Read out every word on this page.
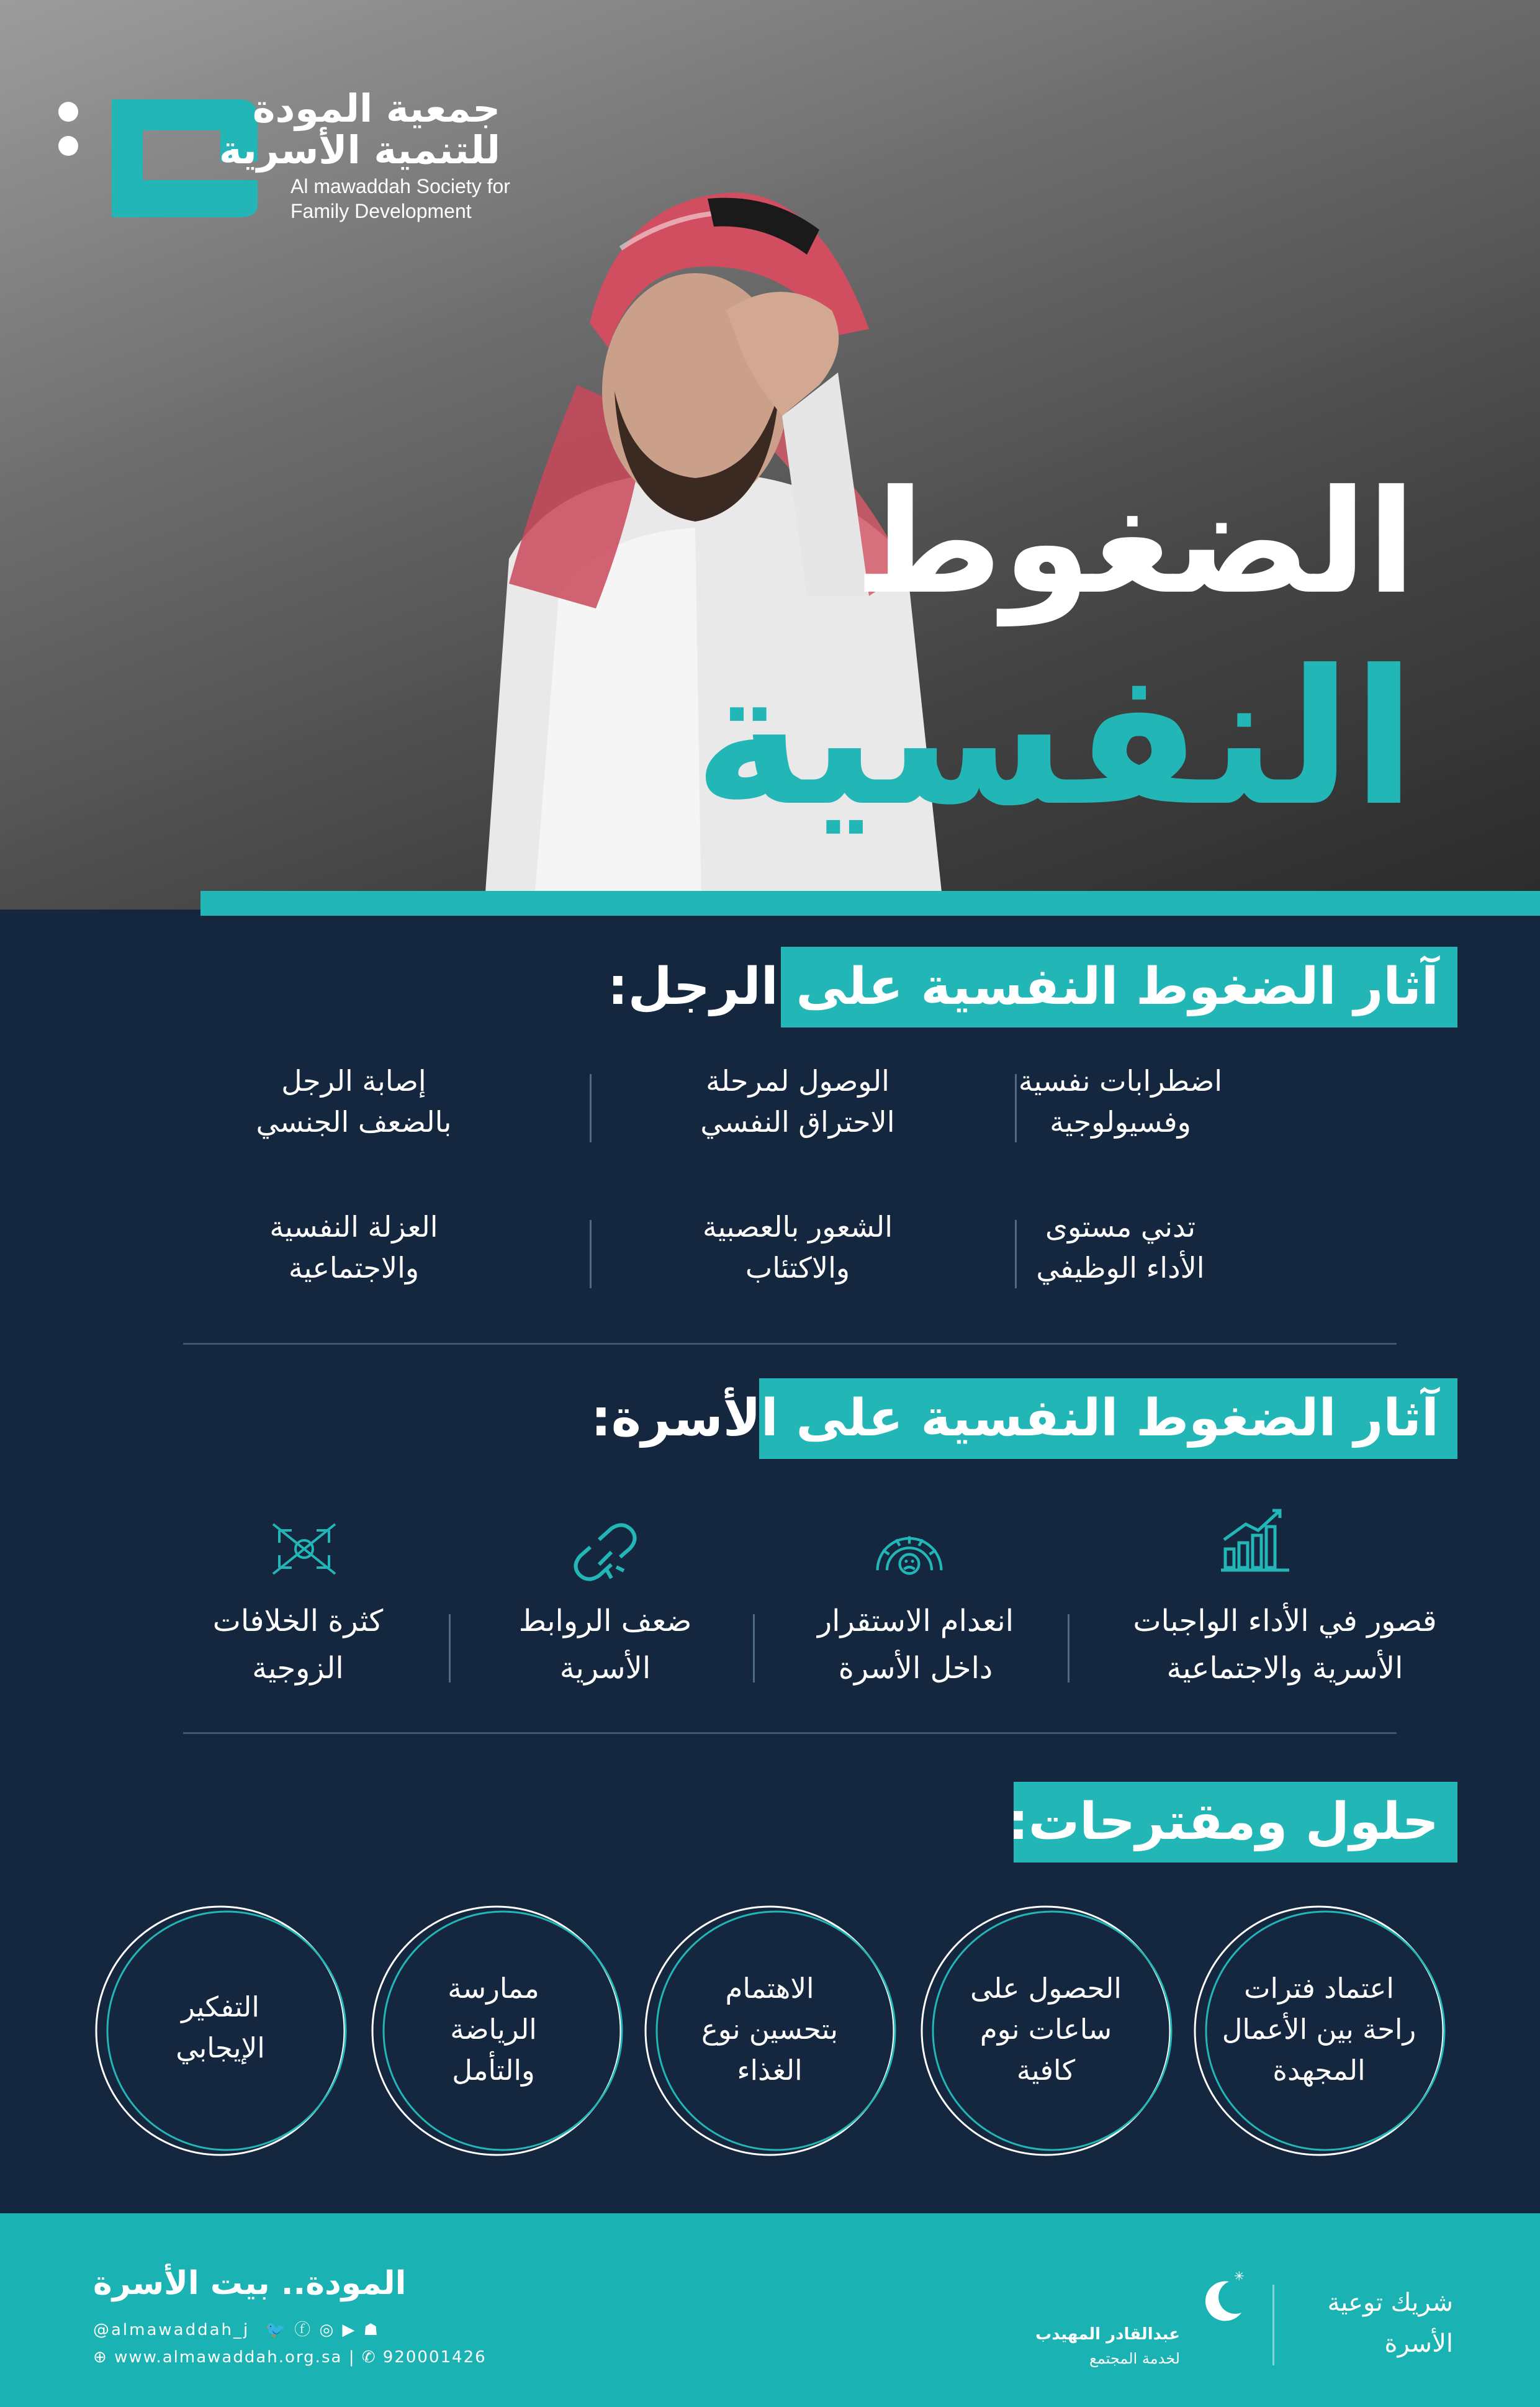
جمعية المودة
للتنمية الأسرية
Al mawaddah Society for
Family Development
الضغوط
النفسية
آثار الضغوط النفسية على الرجل:
اضطرابات نفسية
وفسيولوجية
الوصول لمرحلة
الاحتراق النفسي
إصابة الرجل
بالضعف الجنسي
تدني مستوى
الأداء الوظيفي
الشعور بالعصبية
والاكتئاب
العزلة النفسية
والاجتماعية
آثار الضغوط النفسية على الأسرة:
قصور في الأداء الواجبات
الأسرية والاجتماعية
انعدام الاستقرار
داخل الأسرة
ضعف الروابط
الأسرية
كثرة الخلافات
الزوجية
حلول ومقترحات:
اعتماد فترات
راحة بين الأعمال
المجهدة
الحصول على
ساعات نوم
كافية
الاهتمام
بتحسين نوع
الغذاء
ممارسة
الرياضة
والتأمل
التفكير
الإيجابي
المودة.. بيت الأسرة
@almawaddah_j 🐦 ⓕ ◎ ▶ ☗
⊕ www.almawaddah.org.sa | ✆ 920001426
شريك توعية
الأسرة
✳
عبدالقادر المهيدب
لخدمة المجتمع
